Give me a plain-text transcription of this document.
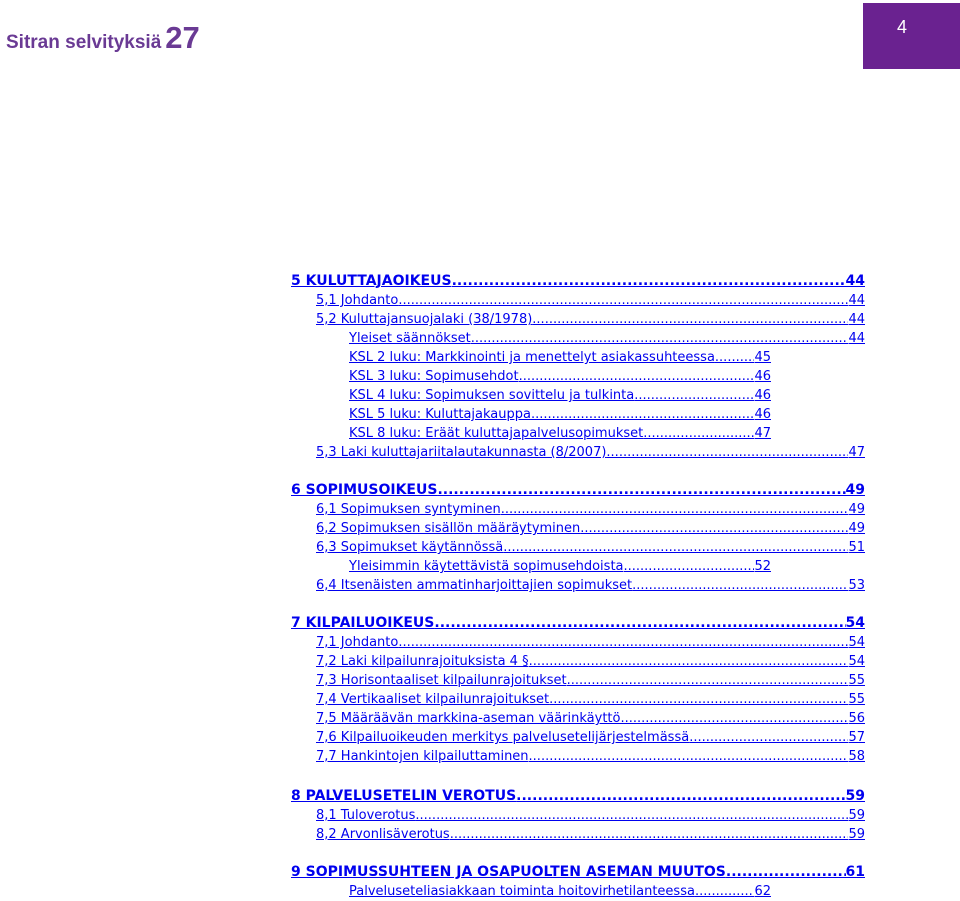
Sitran selvityksiä 27	4
5 KULUTTAJAOIKEUS .....	44
5,1 Johdanto .....	44
5,2 Kuluttajansuojalaki (38/1978) .....	44
Yleiset säännökset .....	44
KSL 2 luku: Markkinointi ja menettelyt asiakassuhteessa .....	45
KSL 3 luku: Sopimusehdot .....	46
KSL 4 luku: Sopimuksen sovittelu ja tulkinta .....	46
KSL 5 luku: Kuluttajakauppa .....	46
KSL 8 luku: Eräät kuluttajapalvelusopimukset .....	47
5,3 Laki kuluttajariitalautakunnasta (8/2007) .....	47
6 SOPIMUSOIKEUS .....	49
6,1 Sopimuksen syntyminen .....	49
6,2 Sopimuksen sisällön määräytyminen .....	49
6,3 Sopimukset käytännössä .....	51
Yleisimmin käytettävistä sopimusehdoista .....	52
6,4 Itsenäisten ammatinharjoittajien sopimukset .....	53
7 KILPAILUOIKEUS .....	54
7,1 Johdanto .....	54
7,2 Laki kilpailunrajoituksista 4 § .....	54
7,3 Horisontaaliset kilpailunrajoitukset .....	55
7,4 Vertikaaliset kilpailunrajoitukset .....	55
7,5 Määräävän markkina-aseman väärinkäyttö .....	56
7,6 Kilpailuoikeuden merkitys palvelusetelijärjestelmässä .....	57
7,7 Hankintojen kilpailuttaminen .....	58
8 PALVELUSETELIN VEROTUS .....	59
8,1 Tuloverotus .....	59
8,2 Arvonlisäverotus .....	59
9 SOPIMUSSUHTEEN JA OSAPUOLTEN ASEMAN MUUTOS .....	61
Palveluseteliasiakkaan toiminta hoitovirhetilanteessa .....	62
